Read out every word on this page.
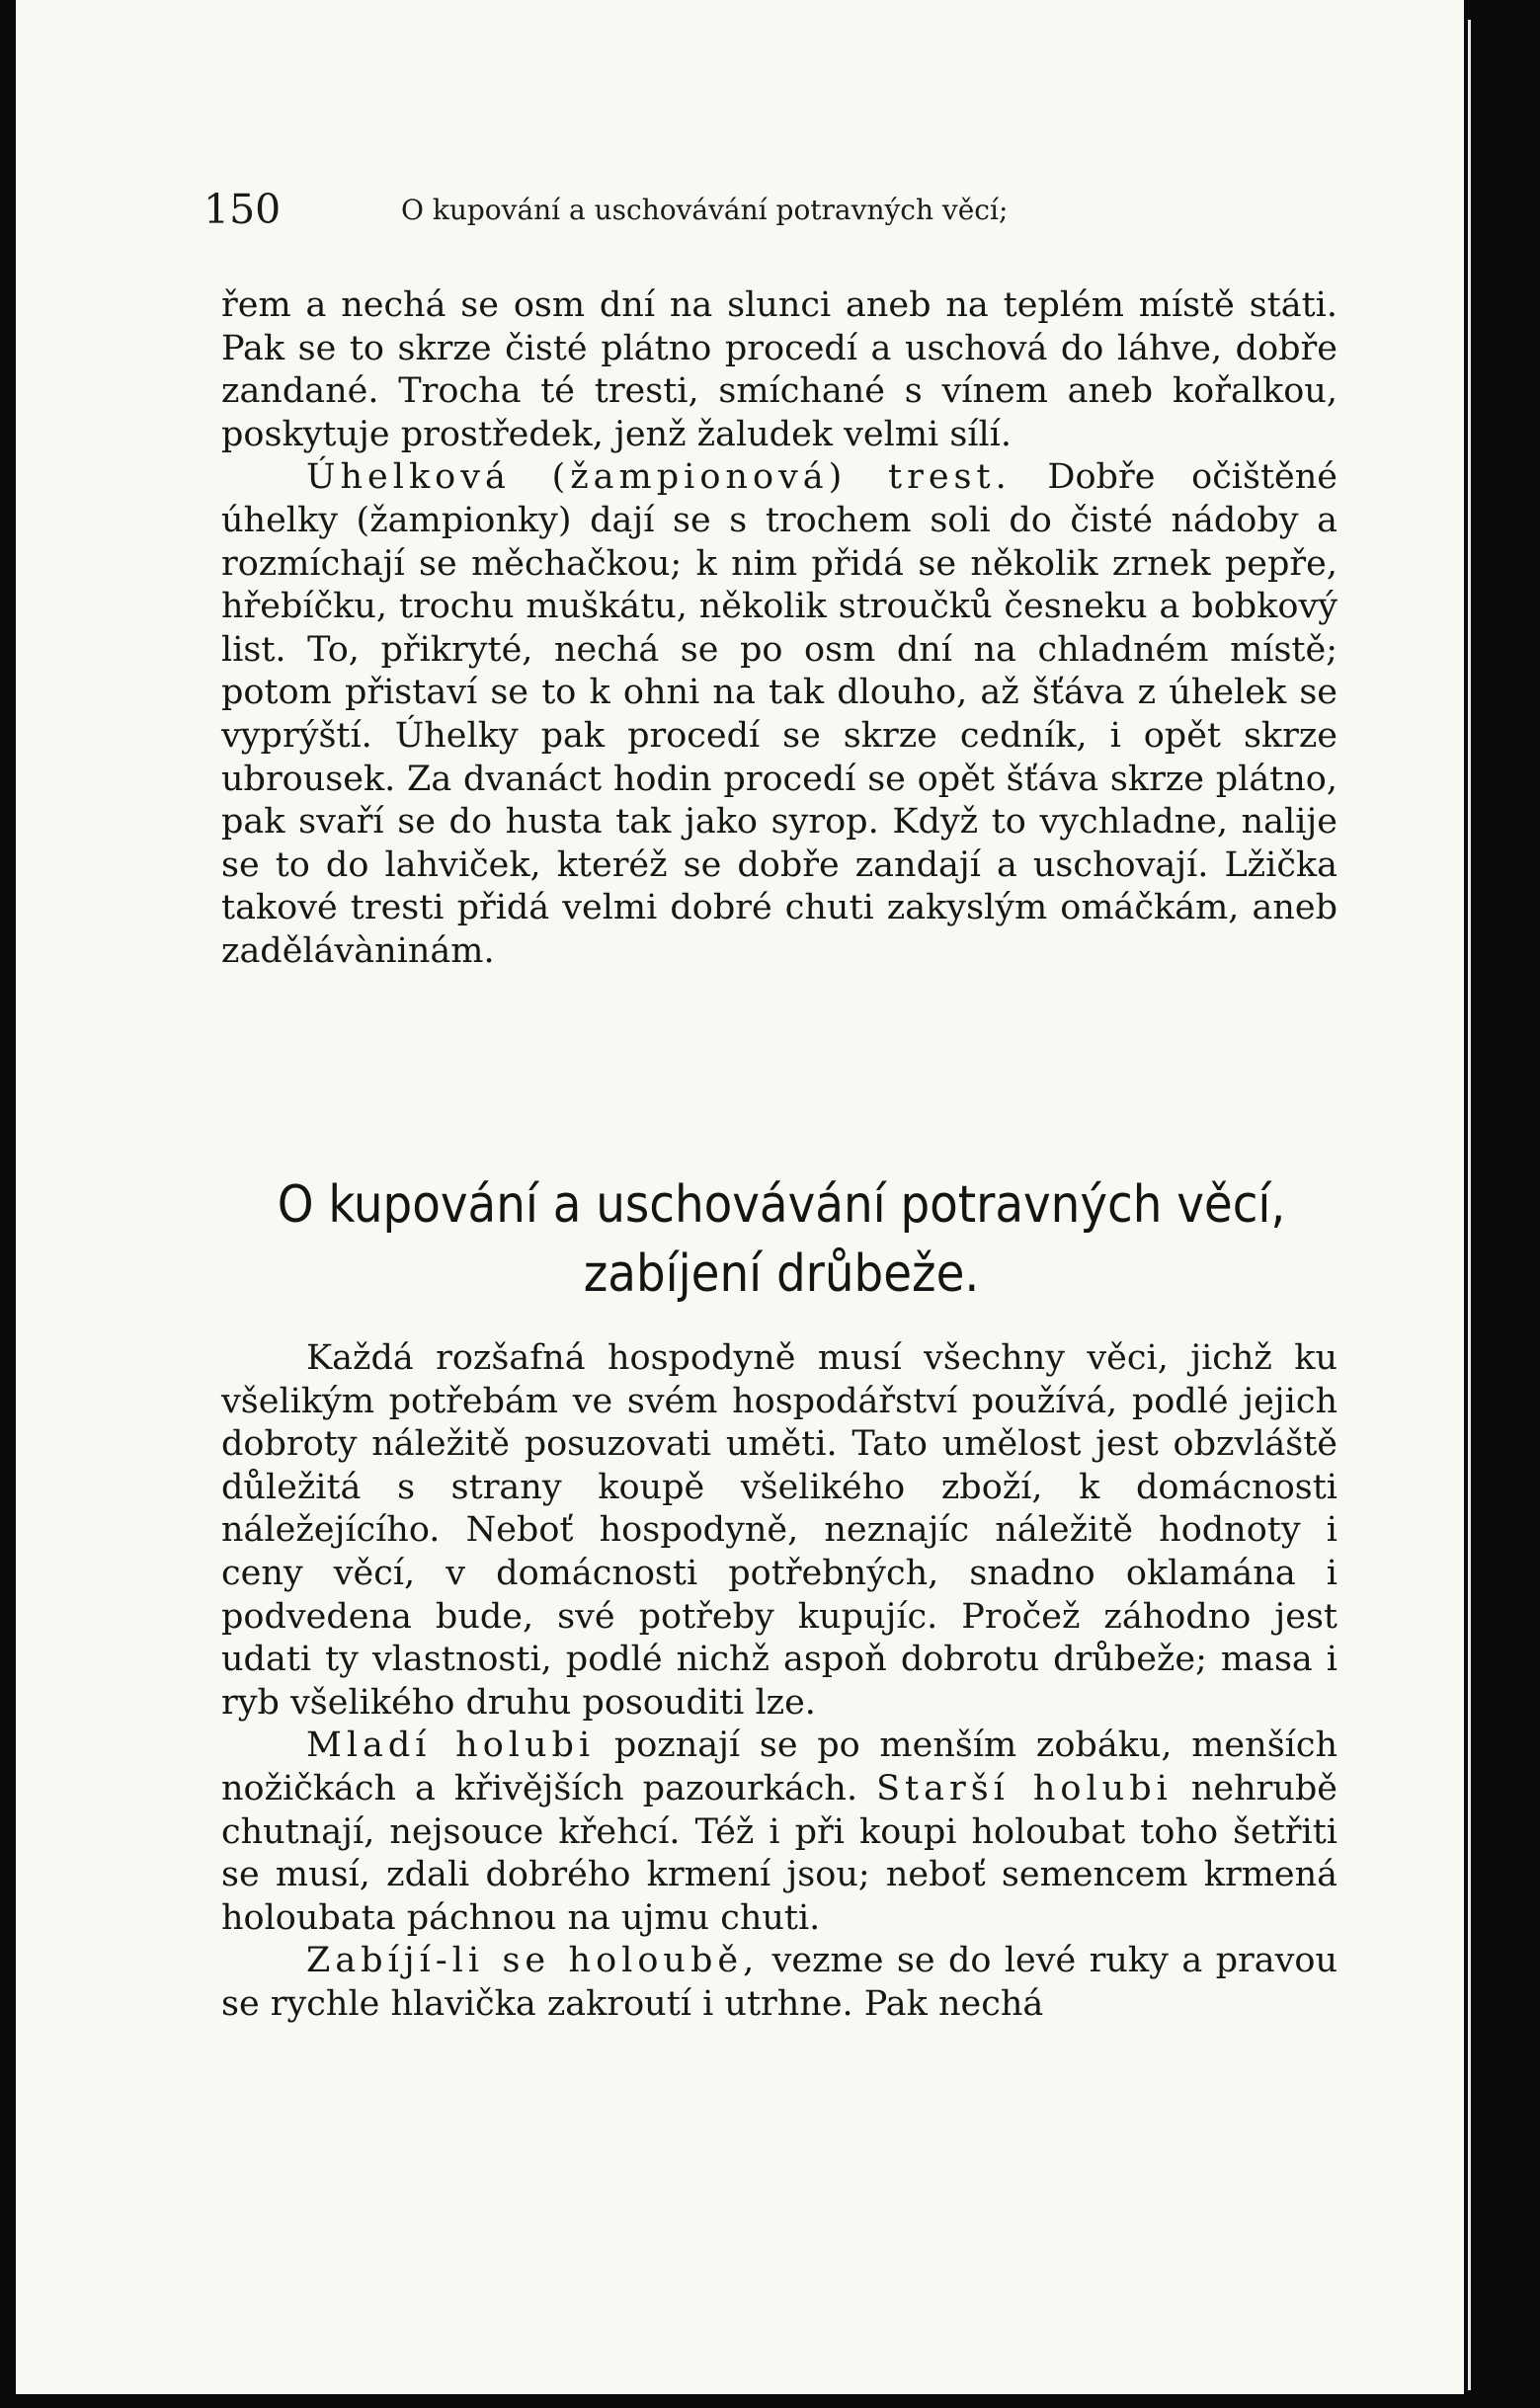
150	O kupování a uschovávání potravných věcí;

řem a nechá se osm dní na slunci aneb na teplém místě státi. Pak se to skrze čisté plátno procedí a uschová do láhve, dobře zandané. Trocha té tresti, smíchané s vínem aneb kořalkou, poskytuje prostředek, jenž žaludek velmi sílí.

Úhelková (žampionová) trest. Dobře očištěné úhelky (žampionky) dají se s trochem soli do čisté nádoby a rozmíchají se měchačkou; k nim přidá se několik zrnek pepře, hřebíčku, trochu muškátu, několik stroučků česneku a bobkový list. To, přikryté, nechá se po osm dní na chladném místě; potom přistaví se to k ohni na tak dlouho, až šťáva z úhelek se vyprýští. Úhelky pak procedí se skrze cedník, i opět skrze ubrousek. Za dvanáct hodin procedí se opět šťáva skrze plátno, pak svaří se do husta tak jako syrop. Když to vychladne, nalije se to do lahviček, kteréž se dobře zandají a uschovají. Lžička takové tresti přidá velmi dobré chuti zakyslým omáčkám, aneb zadělávàninám.

O kupování a uschovávání potravných věcí,
zabíjení drůbeže.

Každá rozšafná hospodyně musí všechny věci, jichž ku všelikým potřebám ve svém hospodářství používá, podlé jejich dobroty náležitě posuzovati uměti. Tato umělost jest obzvláště důležitá s strany koupě všelikého zboží, k domácnosti náležejícího. Neboť hospodyně, neznajíc náležitě hodnoty i ceny věcí, v domácnosti potřebných, snadno oklamána i podvedena bude, své potřeby kupujíc. Pročež záhodno jest udati ty vlastnosti, podlé nichž aspoň dobrotu drůbeže; masa i ryb všelikého druhu posouditi lze.

Mladí holubi poznají se po menším zobáku, menších nožičkách a křivějších pazourkách. Starší holubi nehrubě chutnají, nejsouce křehcí. Též i při koupi holoubat toho šetřiti se musí, zdali dobrého krmení jsou; neboť semencem krmená holoubata páchnou na ujmu chuti.

Zabíjí-li se holoubě, vezme se do levé ruky a pravou se rychle hlavička zakroutí i utrhne. Pak nechá
